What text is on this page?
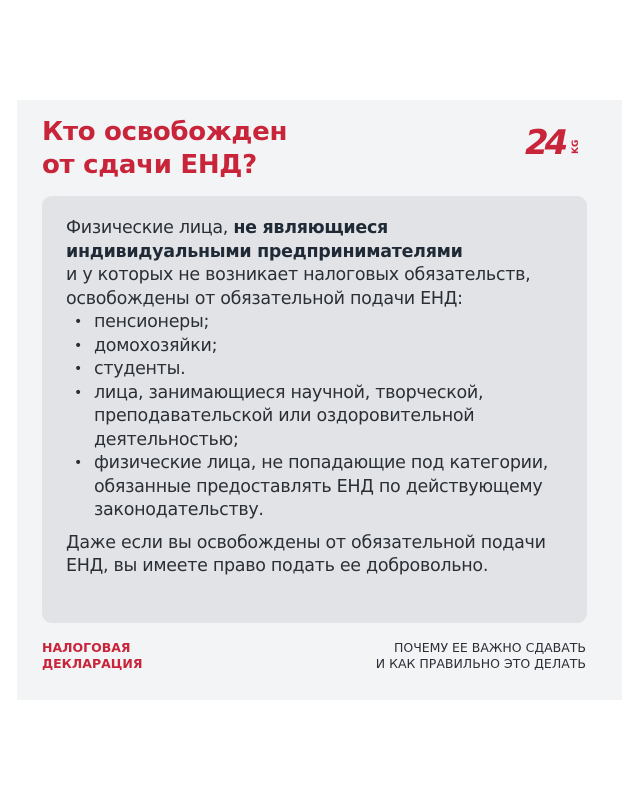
Кто освобожден
от сдачи ЕНД?
24 KG

Физические лица, не являющиеся индивидуальными предпринимателями
и у которых не возникает налоговых обязательств, освобождены от обязательной подачи ЕНД:

• пенсионеры;
• домохозяйки;
• студенты.
• лица, занимающиеся научной, творческой, преподавательской или оздоровительной деятельностью;
• физические лица, не попадающие под категории, обязанные предоставлять ЕНД по действующему законодательству.

Даже если вы освобождены от обязательной подачи ЕНД, вы имеете право подать ее добровольно.

НАЛОГОВАЯ
ДЕКЛАРАЦИЯ
ПОЧЕМУ ЕЕ ВАЖНО СДАВАТЬ
И КАК ПРАВИЛЬНО ЭТО ДЕЛАТЬ
